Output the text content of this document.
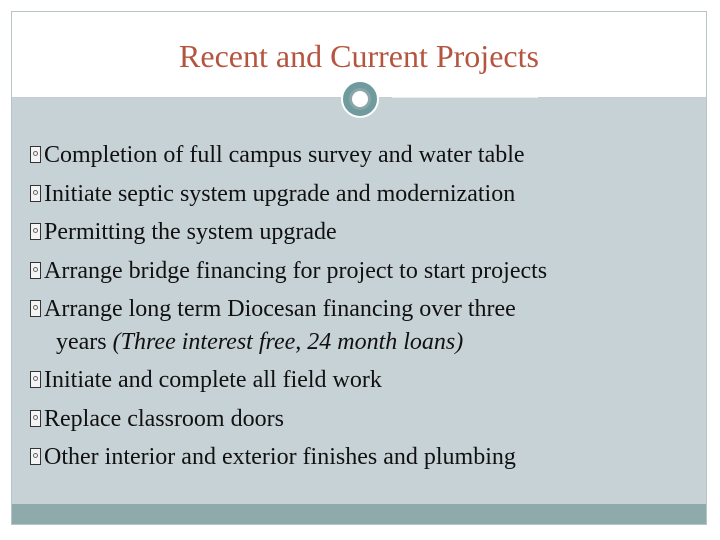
Recent and Current Projects
Completion of full campus survey and water table
Initiate septic system upgrade and modernization
Permitting the system upgrade
Arrange bridge financing for project to start projects
Arrange long term Diocesan financing over three
years (Three interest free, 24 month loans)
Initiate and complete all field work
Replace classroom doors
Other interior and exterior finishes and plumbing
